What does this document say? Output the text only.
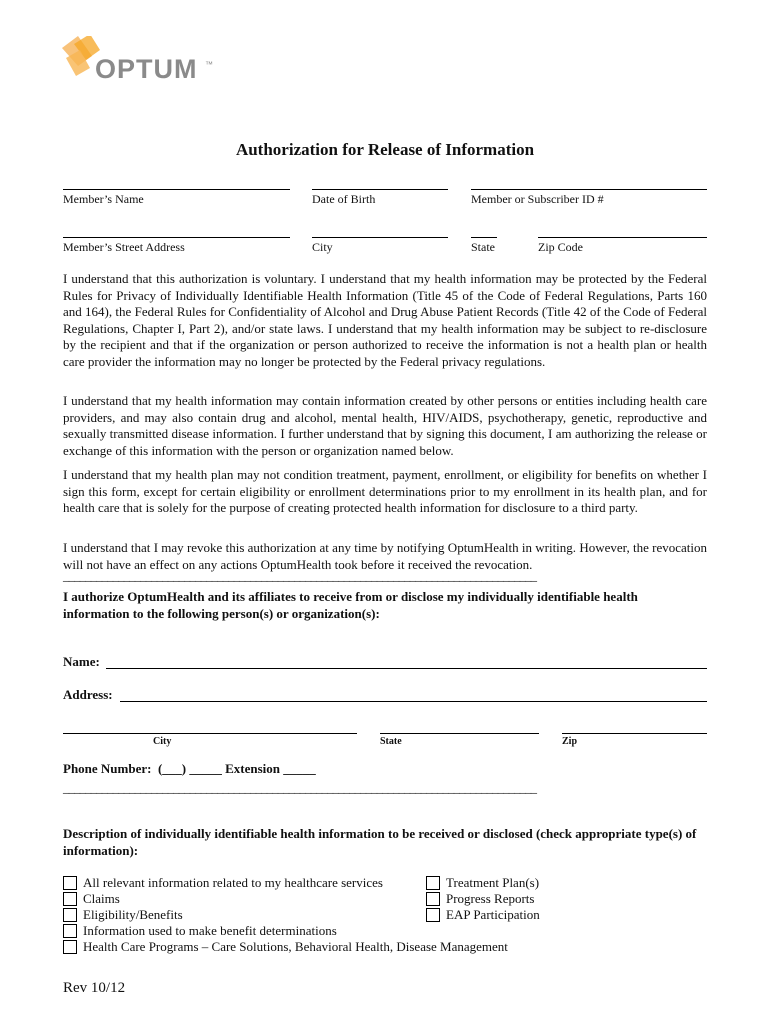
OPTUM ™
Authorization for Release of Information
Member’s Name	Date of Birth	Member or Subscriber ID #
Member’s Street Address	City	State	Zip Code
I understand that this authorization is voluntary. I understand that my health information may be protected by the Federal Rules for Privacy of Individually Identifiable Health Information (Title 45 of the Code of Federal Regulations, Parts 160 and 164), the Federal Rules for Confidentiality of Alcohol and Drug Abuse Patient Records (Title 42 of the Code of Federal Regulations, Chapter I, Part 2), and/or state laws. I understand that my health information may be subject to re-disclosure by the recipient and that if the organization or person authorized to receive the information is not a health plan or health care provider the information may no longer be protected by the Federal privacy regulations.
I understand that my health information may contain information created by other persons or entities including health care providers, and may also contain drug and alcohol, mental health, HIV/AIDS, psychotherapy, genetic, reproductive and sexually transmitted disease information. I further understand that by signing this document, I am authorizing the release or exchange of this information with the person or organization named below.
I understand that my health plan may not condition treatment, payment, enrollment, or eligibility for benefits on whether I sign this form, except for certain eligibility or enrollment determinations prior to my enrollment in its health plan, and for health care that is solely for the purpose of creating protected health information for disclosure to a third party.
I understand that I may revoke this authorization at any time by notifying OptumHealth in writing. However, the revocation will not have an effect on any actions OptumHealth took before it received the revocation.
______________________________________________________________________________________
I authorize OptumHealth and its affiliates to receive from or disclose my individually identifiable health information to the following person(s) or organization(s):
Name:
Address:
City	State	Zip
Phone Number:  (___) _____ Extension _____
______________________________________________________________________________________
Description of individually identifiable health information to be received or disclosed (check appropriate type(s) of information):
All relevant information related to my healthcare services
Claims
Eligibility/Benefits
Information used to make benefit determinations
Health Care Programs – Care Solutions, Behavioral Health, Disease Management
Treatment Plan(s)
Progress Reports
EAP Participation
Rev 10/12
